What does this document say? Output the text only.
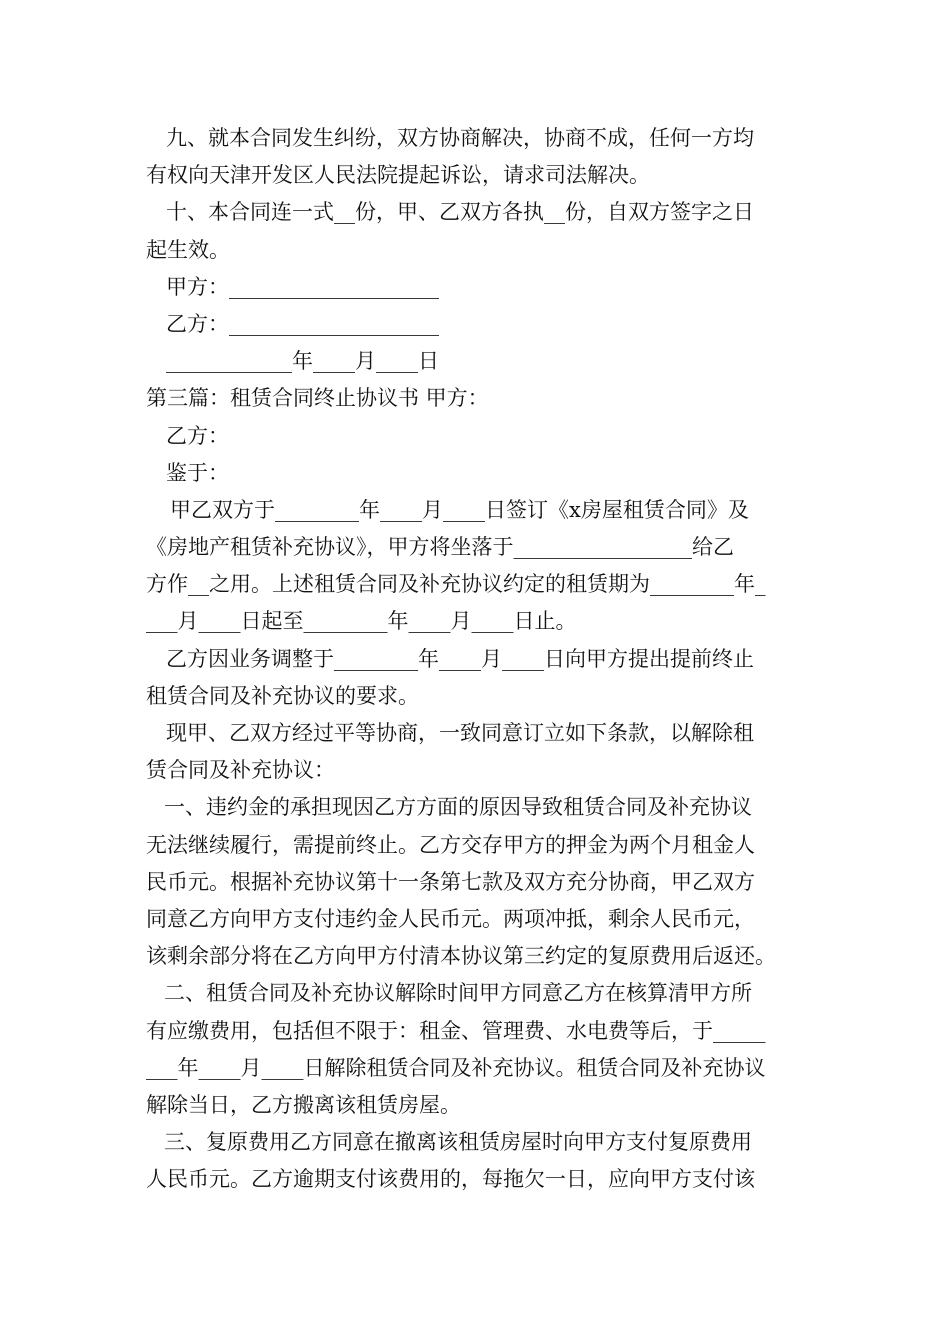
九、就本合同发生纠纷，双方协商解决，协商不成，任何一方均
有权向天津开发区人民法院提起诉讼，请求司法解决。
十、本合同连一式__份，甲、乙双方各执__份，自双方签字之日
起生效。
甲方：____________________
乙方：____________________
____________年____月____日
第三篇：租赁合同终止协议书 甲方：
乙方：
鉴于：
甲乙双方于________年____月____日签订《x房屋租赁合同》及
《房地产租赁补充协议》，甲方将坐落于_________________给乙
方作__之用。上述租赁合同及补充协议约定的租赁期为________年_
___月____日起至________年____月____日止。
乙方因业务调整于________年____月____日向甲方提出提前终止
租赁合同及补充协议的要求。
现甲、乙双方经过平等协商，一致同意订立如下条款，以解除租
赁合同及补充协议：
一、违约金的承担现因乙方方面的原因导致租赁合同及补充协议
无法继续履行，需提前终止。乙方交存甲方的押金为两个月租金人
民币元。根据补充协议第十一条第七款及双方充分协商，甲乙双方
同意乙方向甲方支付违约金人民币元。两项冲抵，剩余人民币元，
该剩余部分将在乙方向甲方付清本协议第三约定的复原费用后返还。
二、租赁合同及补充协议解除时间甲方同意乙方在核算清甲方所
有应缴费用，包括但不限于：租金、管理费、水电费等后，于_____
___年____月____日解除租赁合同及补充协议。租赁合同及补充协议
解除当日，乙方搬离该租赁房屋。
三、复原费用乙方同意在撤离该租赁房屋时向甲方支付复原费用
人民币元。乙方逾期支付该费用的，每拖欠一日，应向甲方支付该
